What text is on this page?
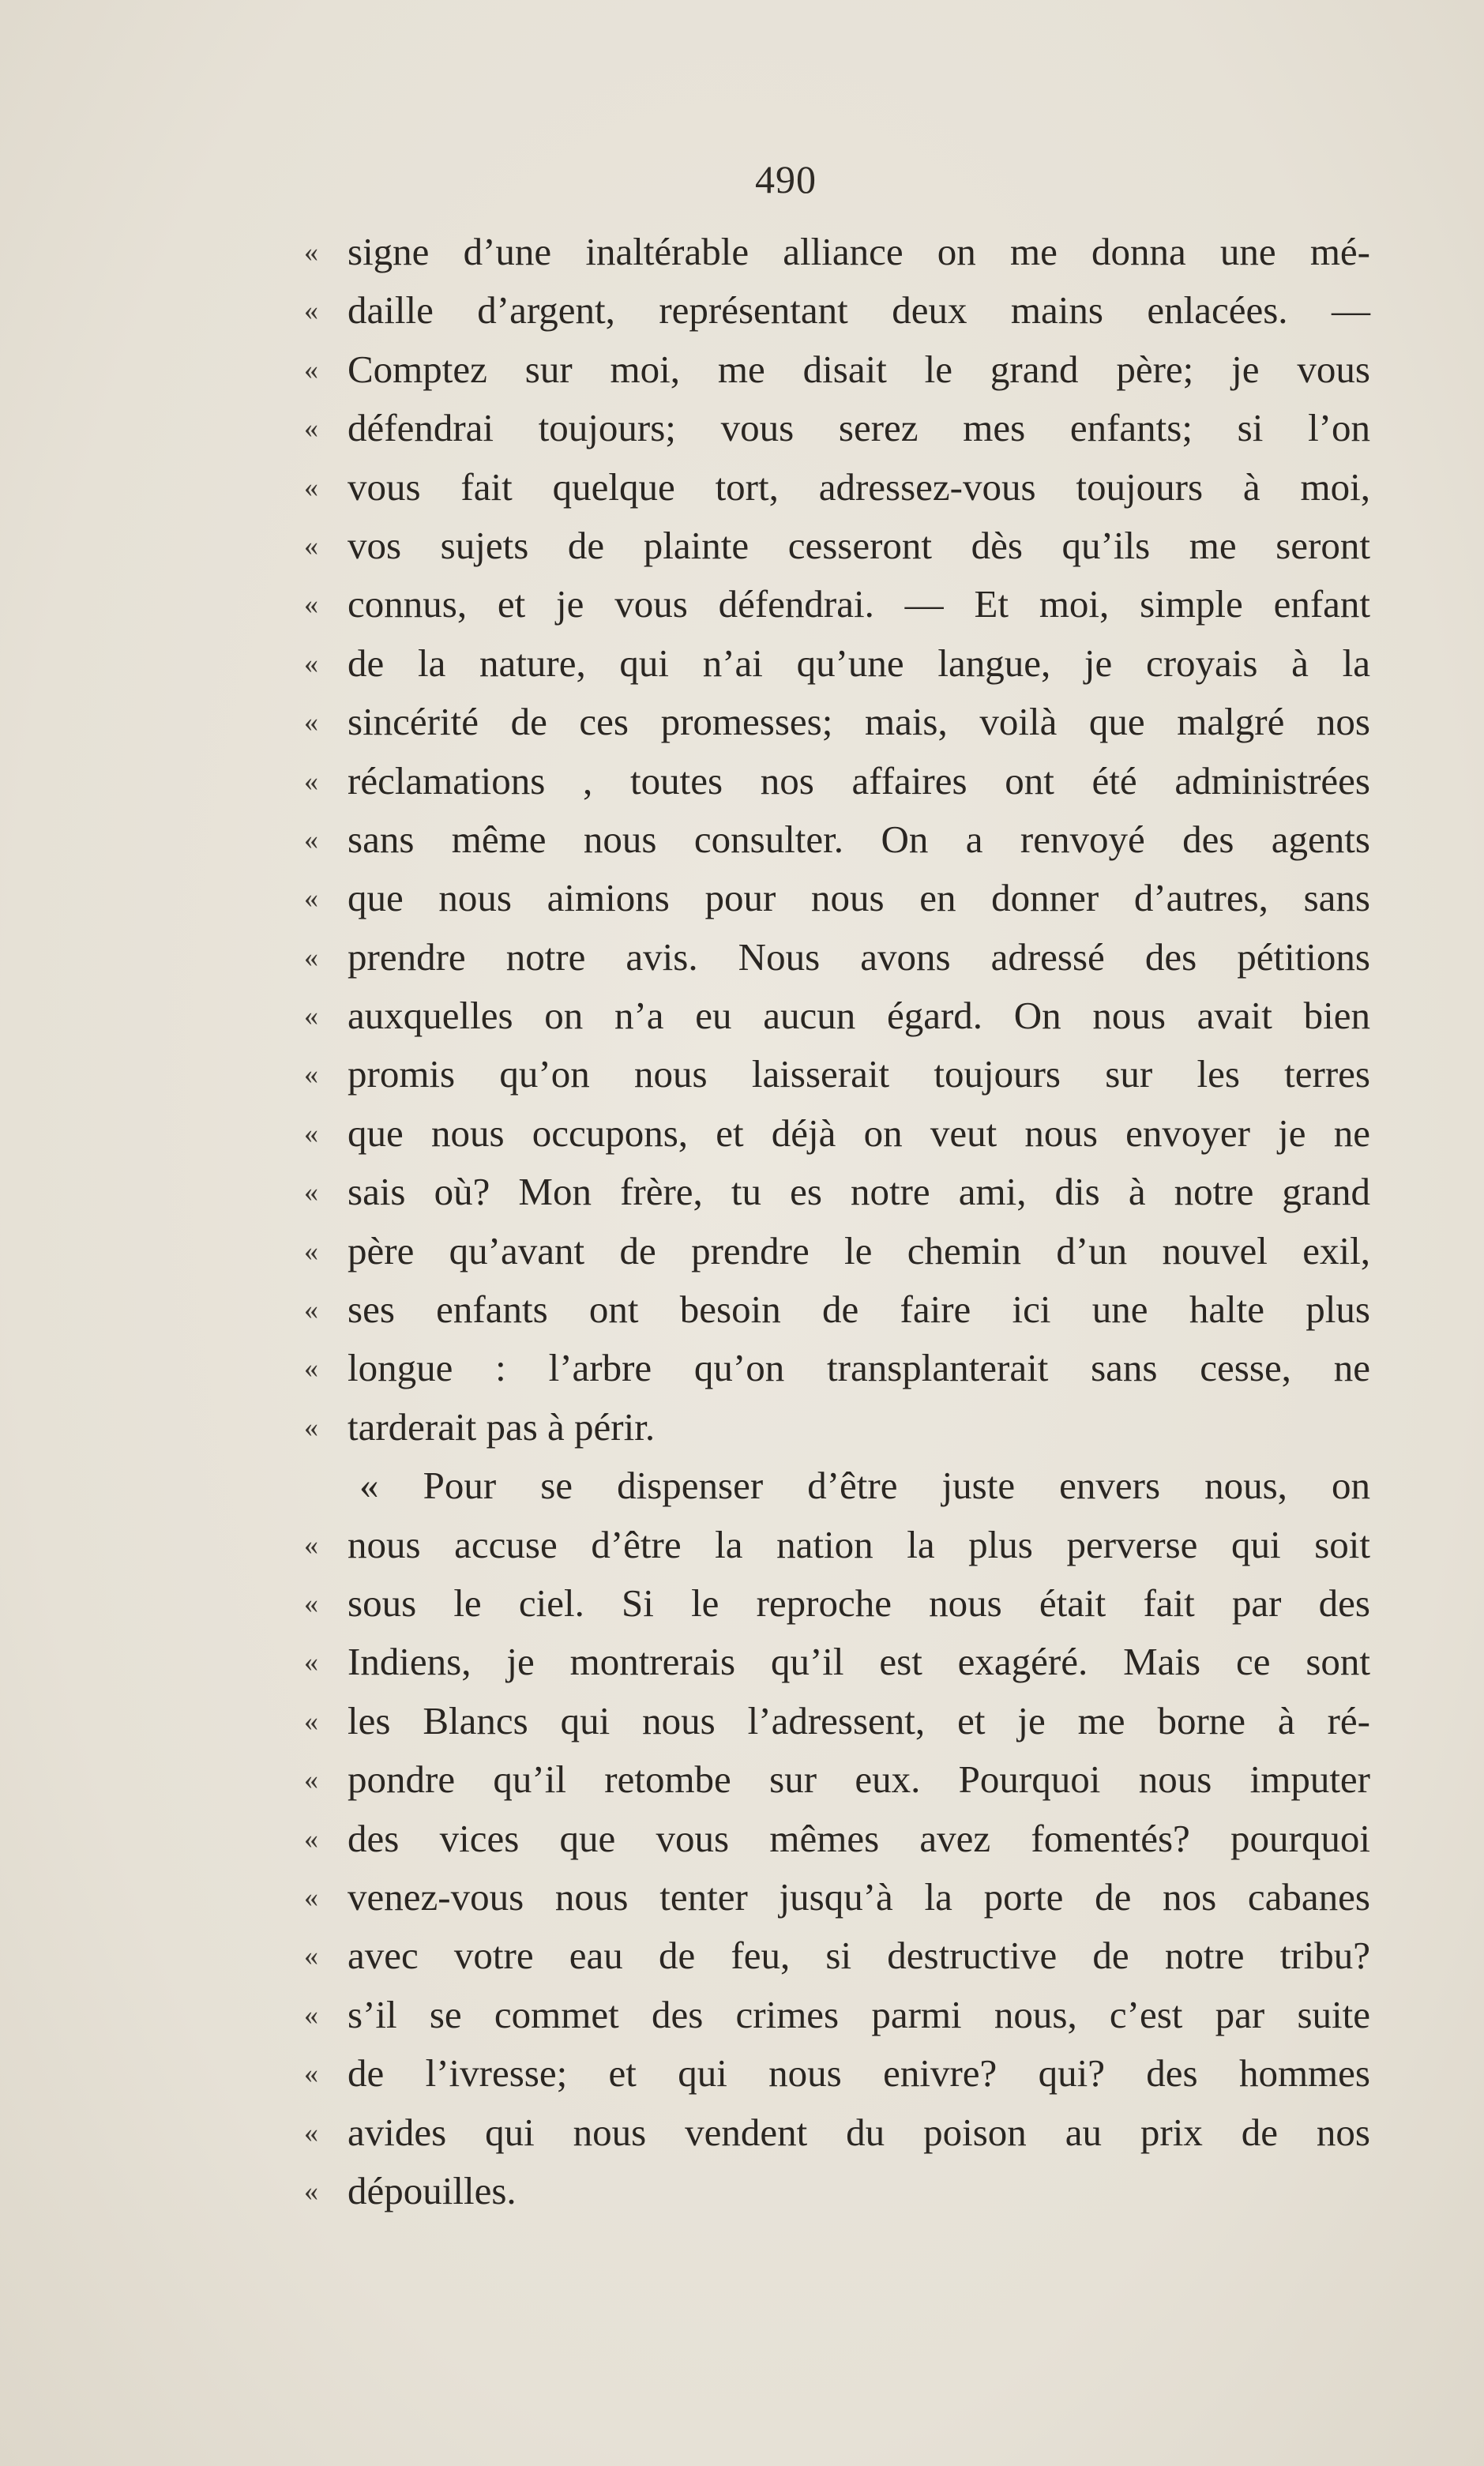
490
« signe d’une inaltérable alliance on me donna une mé-
« daille d’argent, représentant deux mains enlacées. —
« Comptez sur moi, me disait le grand père; je vous
« défendrai toujours; vous serez mes enfants; si l’on
« vous fait quelque tort, adressez-vous toujours à moi,
« vos sujets de plainte cesseront dès qu’ils me seront
« connus, et je vous défendrai. — Et moi, simple enfant
« de la nature, qui n’ai qu’une langue, je croyais à la
« sincérité de ces promesses; mais, voilà que malgré nos
« réclamations , toutes nos affaires ont été administrées
« sans même nous consulter. On a renvoyé des agents
« que nous aimions pour nous en donner d’autres, sans
« prendre notre avis. Nous avons adressé des pétitions
« auxquelles on n’a eu aucun égard. On nous avait bien
« promis qu’on nous laisserait toujours sur les terres
« que nous occupons, et déjà on veut nous envoyer je ne
« sais où? Mon frère, tu es notre ami, dis à notre grand
« père qu’avant de prendre le chemin d’un nouvel exil,
« ses enfants ont besoin de faire ici une halte plus
« longue : l’arbre qu’on transplanterait sans cesse, ne
« tarderait pas à périr.
« Pour se dispenser d’être juste envers nous, on
« nous accuse d’être la nation la plus perverse qui soit
« sous le ciel. Si le reproche nous était fait par des
« Indiens, je montrerais qu’il est exagéré. Mais ce sont
« les Blancs qui nous l’adressent, et je me borne à ré-
« pondre qu’il retombe sur eux. Pourquoi nous imputer
« des vices que vous mêmes avez fomentés? pourquoi
« venez-vous nous tenter jusqu’à la porte de nos cabanes
« avec votre eau de feu, si destructive de notre tribu?
« s’il se commet des crimes parmi nous, c’est par suite
« de l’ivresse; et qui nous enivre? qui? des hommes
« avides qui nous vendent du poison au prix de nos
« dépouilles.
